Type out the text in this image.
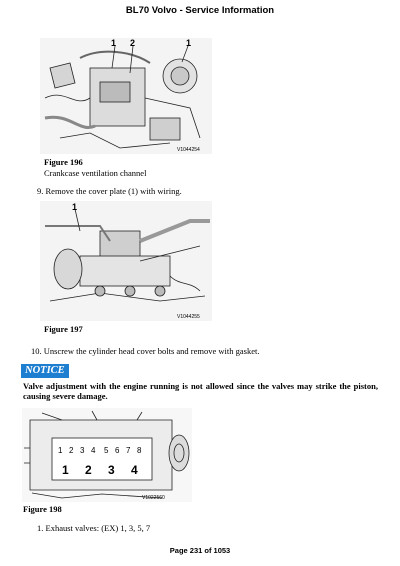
BL70 Volvo - Service Information
1 2	1
V1044254
Figure 196
Crankcase ventilation channel
9. Remove the cover plate (1) with wiring.
1
V1044255
Figure 197
10. Unscrew the cylinder head cover bolts and remove with gasket.
NOTICE
Valve adjustment with the engine running is not allowed since the valves may strike the piston, causing severe damage.
1 2 3 4 5 6 7 8
1 2 3 4
V1022560
Figure 198
1. Exhaust valves: (EX) 1, 3, 5, 7
Page 231 of 1053
